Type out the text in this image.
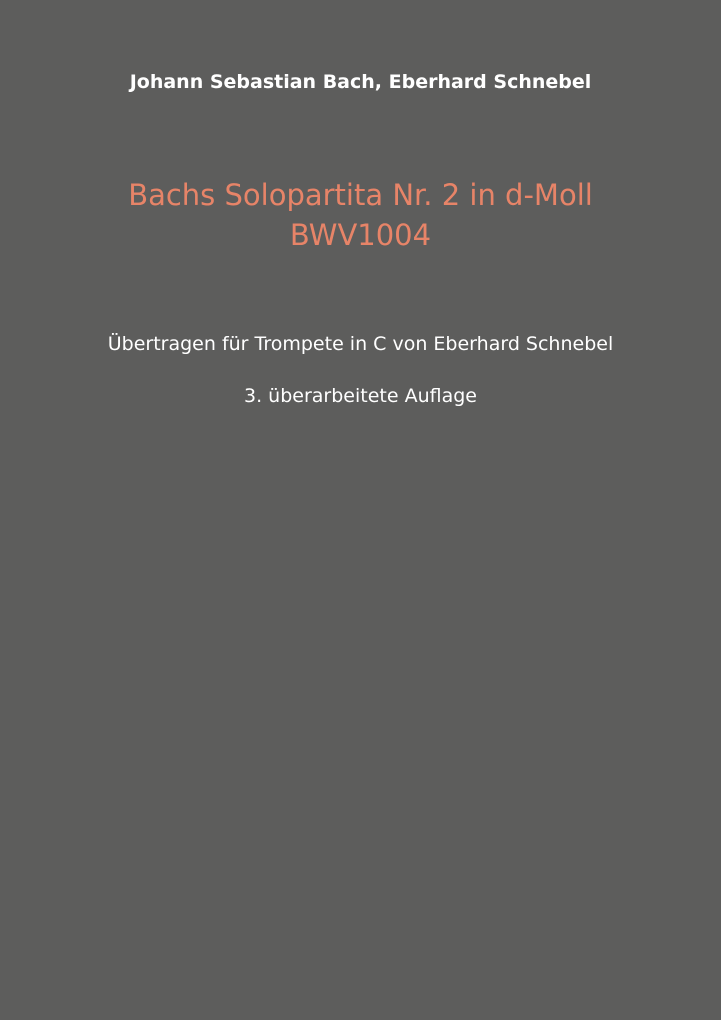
Johann Sebastian Bach, Eberhard Schnebel
Bachs Solopartita Nr. 2 in d-Moll
BWV1004
Übertragen für Trompete in C von Eberhard Schnebel
3. überarbeitete Auflage
